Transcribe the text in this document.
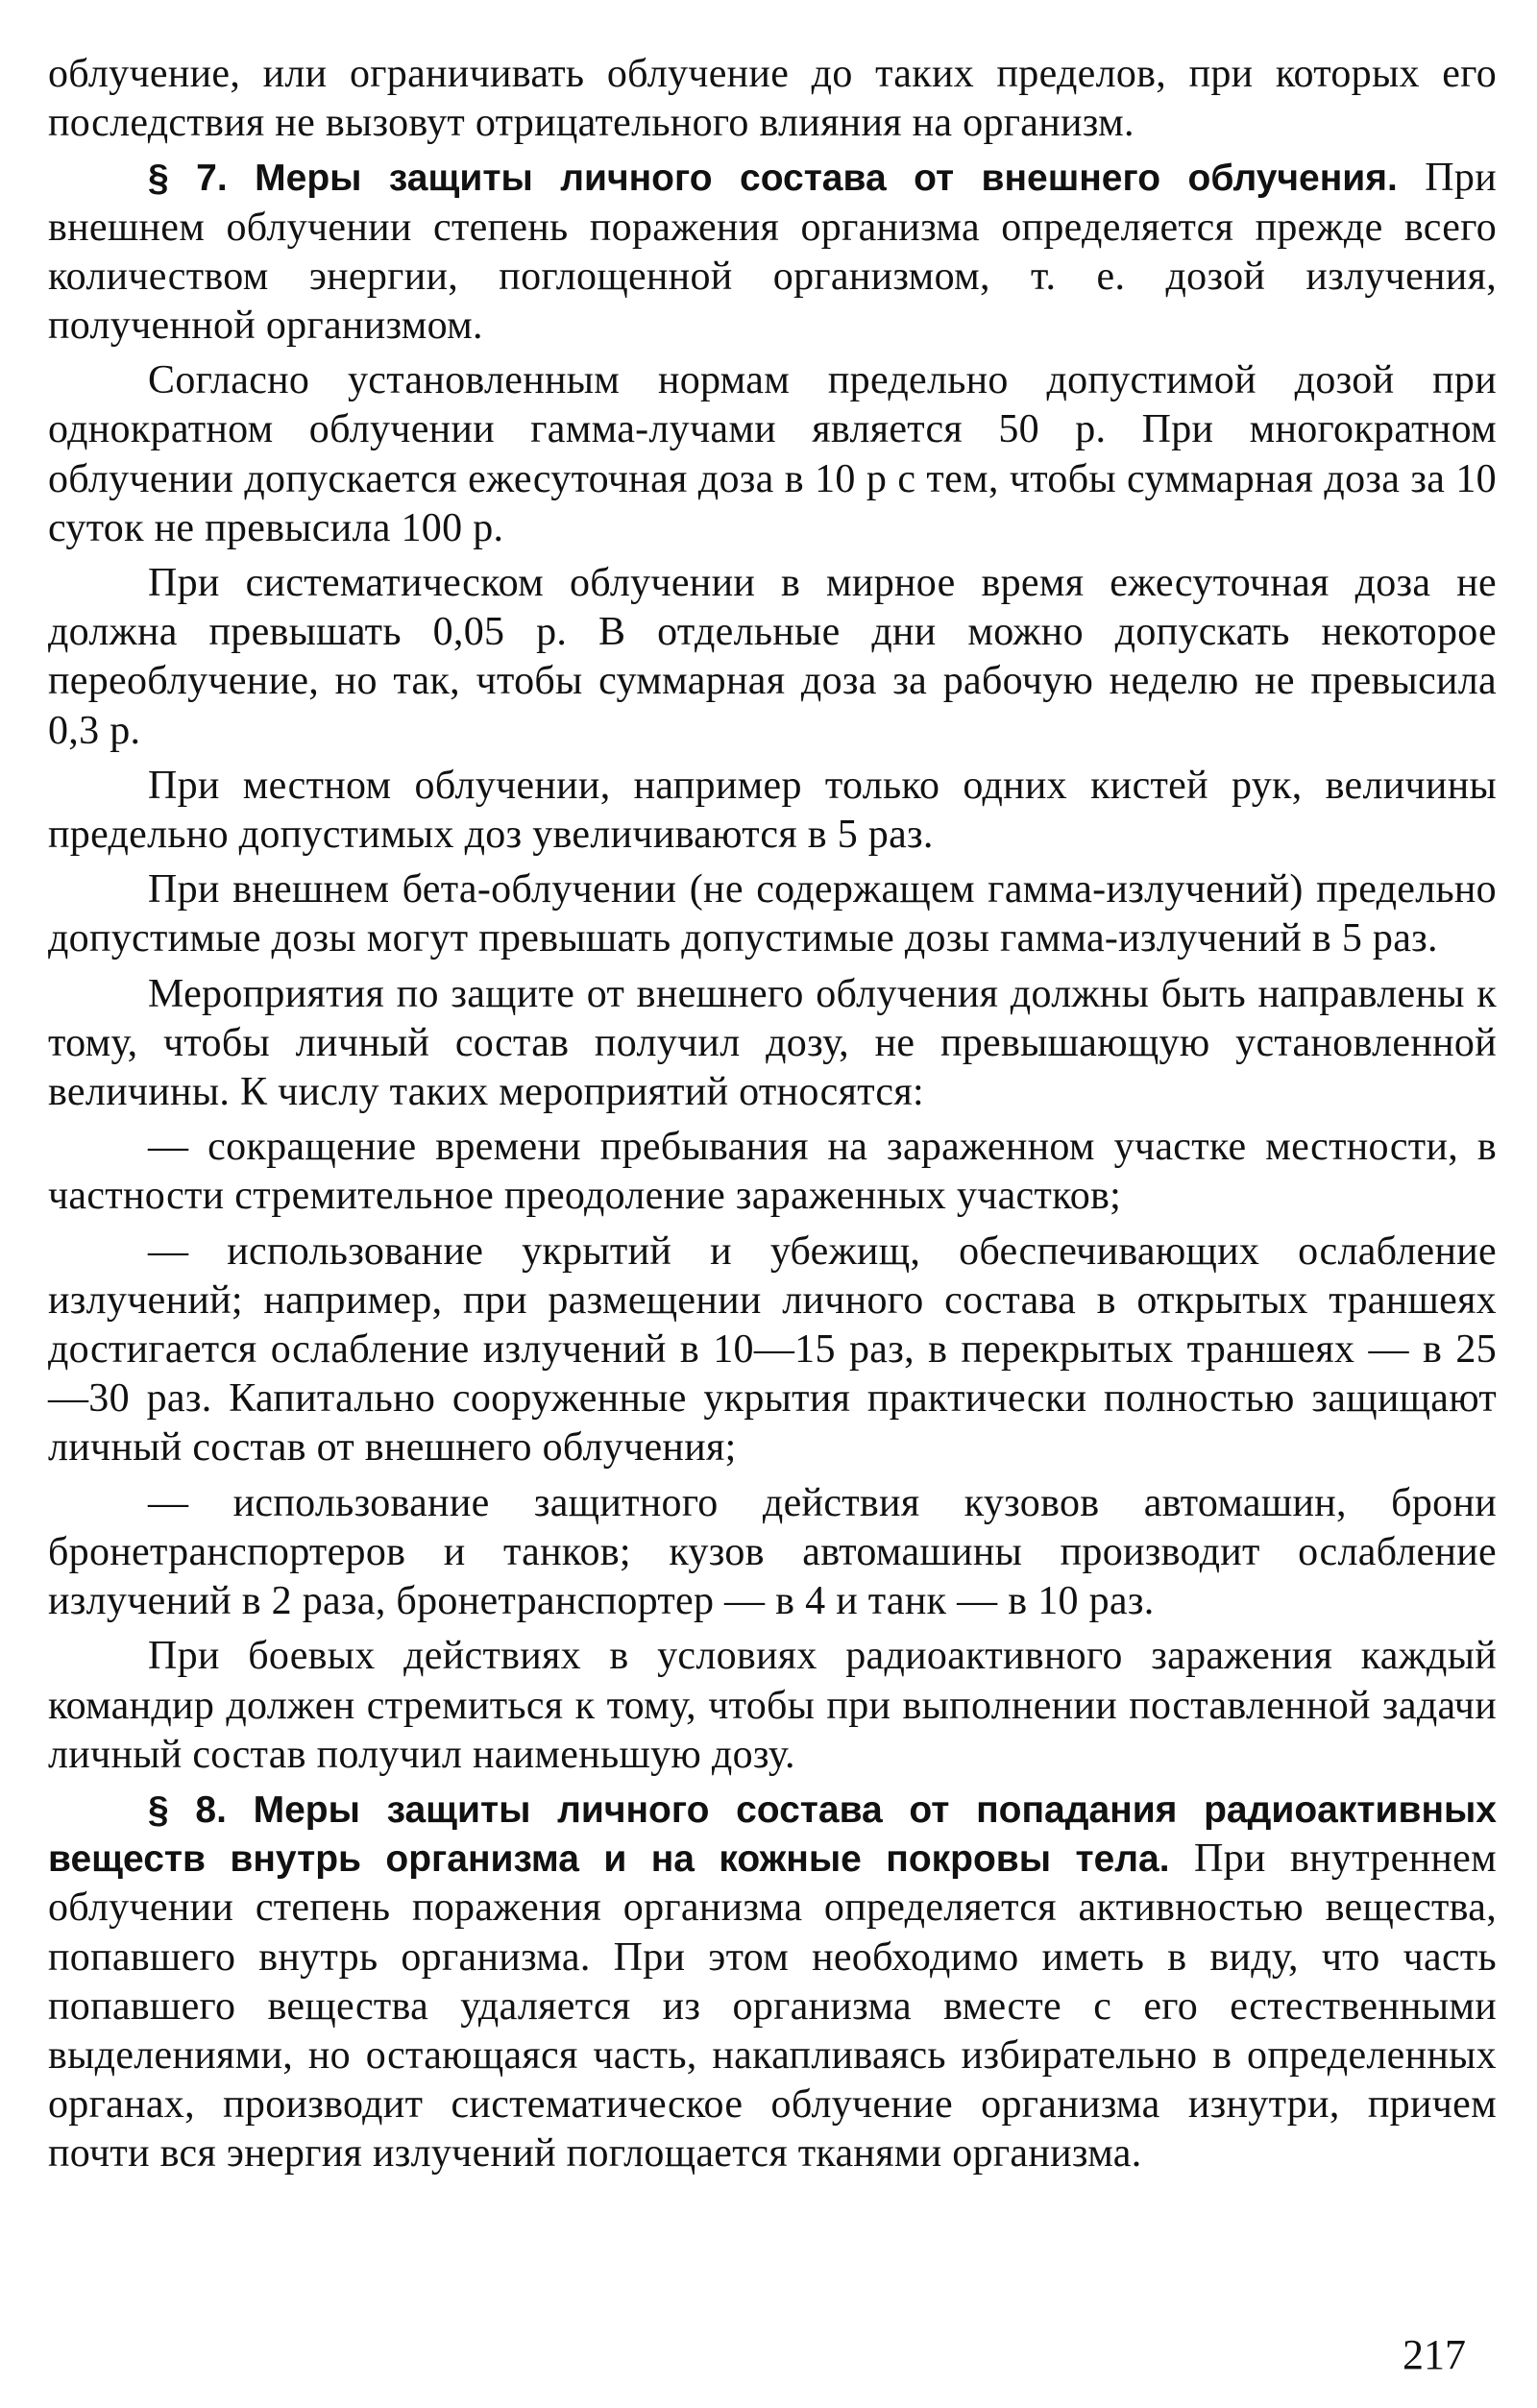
облучение, или ограничивать облучение до таких пределов, при которых его последствия не вызовут отрицательного влияния на организм.

§ 7. Меры защиты личного состава от внешнего облучения. При внешнем облучении степень поражения организма определяется прежде всего количеством энергии, поглощенной организмом, т. е. дозой излучения, полученной организмом.

Согласно установленным нормам предельно допустимой дозой при однократном облучении гамма-лучами является 50 р. При многократном облучении допускается ежесуточная доза в 10 р с тем, чтобы суммарная доза за 10 суток не превысила 100 р.

При систематическом облучении в мирное время ежесуточная доза не должна превышать 0,05 р. В отдельные дни можно допускать некоторое переоблучение, но так, чтобы суммарная доза за рабочую неделю не превысила 0,3 р.

При местном облучении, например только одних кистей рук, величины предельно допустимых доз увеличиваются в 5 раз.

При внешнем бета-облучении (не содержащем гамма-излучений) предельно допустимые дозы могут превышать допустимые дозы гамма-излучений в 5 раз.

Мероприятия по защите от внешнего облучения должны быть направлены к тому, чтобы личный состав получил дозу, не превышающую установленной величины. К числу таких мероприятий относятся:

— сокращение времени пребывания на зараженном участке местности, в частности стремительное преодоление зараженных участков;

— использование укрытий и убежищ, обеспечивающих ослабление излучений; например, при размещении личного состава в открытых траншеях достигается ослабление излучений в 10—15 раз, в перекрытых траншеях — в 25—30 раз. Капитально сооруженные укрытия практически полностью защищают личный состав от внешнего облучения;

— использование защитного действия кузовов автомашин, брони бронетранспортеров и танков; кузов автомашины производит ослабление излучений в 2 раза, бронетранспортер — в 4 и танк — в 10 раз.

При боевых действиях в условиях радиоактивного заражения каждый командир должен стремиться к тому, чтобы при выполнении поставленной задачи личный состав получил наименьшую дозу.

§ 8. Меры защиты личного состава от попадания радиоактивных веществ внутрь организма и на кожные покровы тела. При внутреннем облучении степень поражения организма определяется активностью вещества, попавшего внутрь организма. При этом необходимо иметь в виду, что часть попавшего вещества удаляется из организма вместе с его естественными выделениями, но остающаяся часть, накапливаясь избирательно в определенных органах, производит систематическое облучение организма изнутри, причем почти вся энергия излучений поглощается тканями организма.

217
